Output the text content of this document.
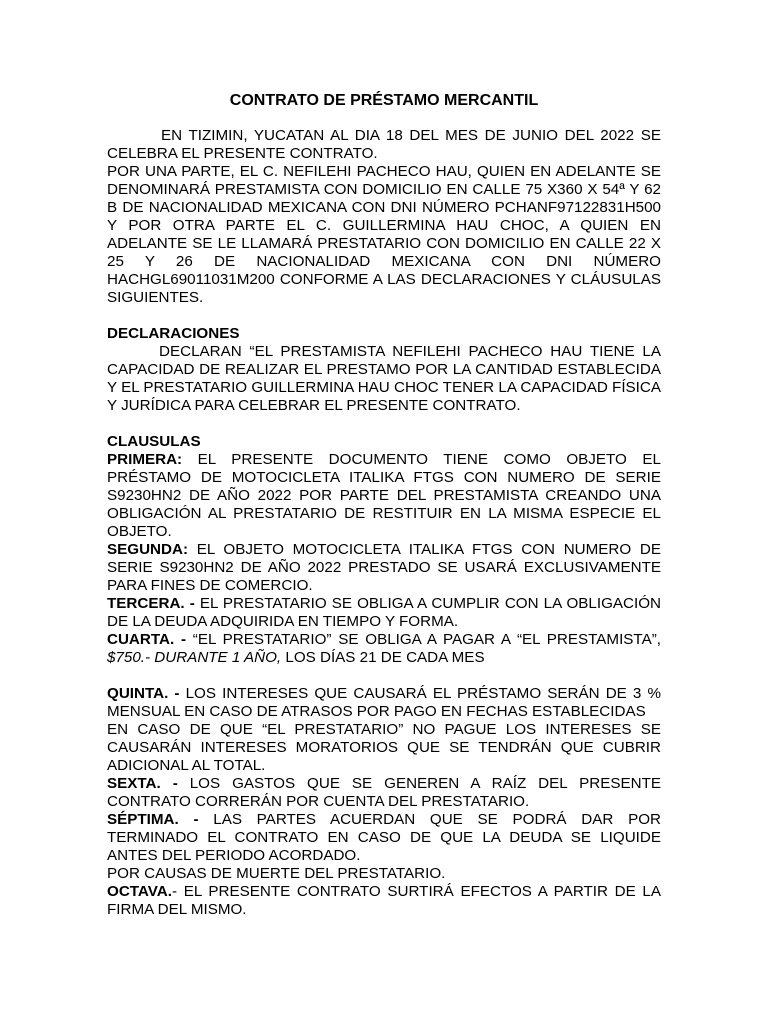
CONTRATO DE PRÉSTAMO MERCANTIL

EN TIZIMIN, YUCATAN AL DIA 18 DEL MES DE JUNIO DEL 2022 SE CELEBRA EL PRESENTE CONTRATO.

POR UNA PARTE, EL C. NEFILEHI PACHECO HAU, QUIEN EN ADELANTE SE DENOMINARÁ PRESTAMISTA CON DOMICILIO EN CALLE 75 X360 X 54ª Y 62 B DE NACIONALIDAD MEXICANA CON DNI NÚMERO PCHANF97122831H500 Y POR OTRA PARTE EL C. GUILLERMINA HAU CHOC, A QUIEN EN ADELANTE SE LE LLAMARÁ PRESTATARIO CON DOMICILIO EN CALLE 22 X 25 Y 26 DE NACIONALIDAD MEXICANA CON DNI NÚMERO HACHGL69011031M200 CONFORME A LAS DECLARACIONES Y CLÁUSULAS SIGUIENTES.

DECLARACIONES

DECLARAN “EL PRESTAMISTA NEFILEHI PACHECO HAU TIENE LA CAPACIDAD DE REALIZAR EL PRESTAMO POR LA CANTIDAD ESTABLECIDA Y EL PRESTATARIO GUILLERMINA HAU CHOC TENER LA CAPACIDAD FÍSICA Y JURÍDICA PARA CELEBRAR EL PRESENTE CONTRATO.

CLAUSULAS

PRIMERA: EL PRESENTE DOCUMENTO TIENE COMO OBJETO EL PRÉSTAMO DE MOTOCICLETA ITALIKA FTGS CON NUMERO DE SERIE S9230HN2 DE AÑO 2022 POR PARTE DEL PRESTAMISTA CREANDO UNA OBLIGACIÓN AL PRESTATARIO DE RESTITUIR EN LA MISMA ESPECIE EL OBJETO.

SEGUNDA: EL OBJETO MOTOCICLETA ITALIKA FTGS CON NUMERO DE SERIE S9230HN2 DE AÑO 2022 PRESTADO SE USARÁ EXCLUSIVAMENTE PARA FINES DE COMERCIO.

TERCERA. - EL PRESTATARIO SE OBLIGA A CUMPLIR CON LA OBLIGACIÓN DE LA DEUDA ADQUIRIDA EN TIEMPO Y FORMA.

CUARTA. - “EL PRESTATARIO” SE OBLIGA A PAGAR A “EL PRESTAMISTA”, $750.- DURANTE 1 AÑO, LOS DÍAS 21 DE CADA MES

QUINTA. - LOS INTERESES QUE CAUSARÁ EL PRÉSTAMO SERÁN DE 3 % MENSUAL EN CASO DE ATRASOS POR PAGO EN FECHAS ESTABLECIDAS

EN CASO DE QUE “EL PRESTATARIO” NO PAGUE LOS INTERESES SE CAUSARÁN INTERESES MORATORIOS QUE SE TENDRÁN QUE CUBRIR ADICIONAL AL TOTAL.

SEXTA. - LOS GASTOS QUE SE GENEREN A RAÍZ DEL PRESENTE CONTRATO CORRERÁN POR CUENTA DEL PRESTATARIO.

SÉPTIMA. - LAS PARTES ACUERDAN QUE SE PODRÁ DAR POR TERMINADO EL CONTRATO EN CASO DE QUE LA DEUDA SE LIQUIDE ANTES DEL PERIODO ACORDADO.

POR CAUSAS DE MUERTE DEL PRESTATARIO.

OCTAVA.- EL PRESENTE CONTRATO SURTIRÁ EFECTOS A PARTIR DE LA FIRMA DEL MISMO.
